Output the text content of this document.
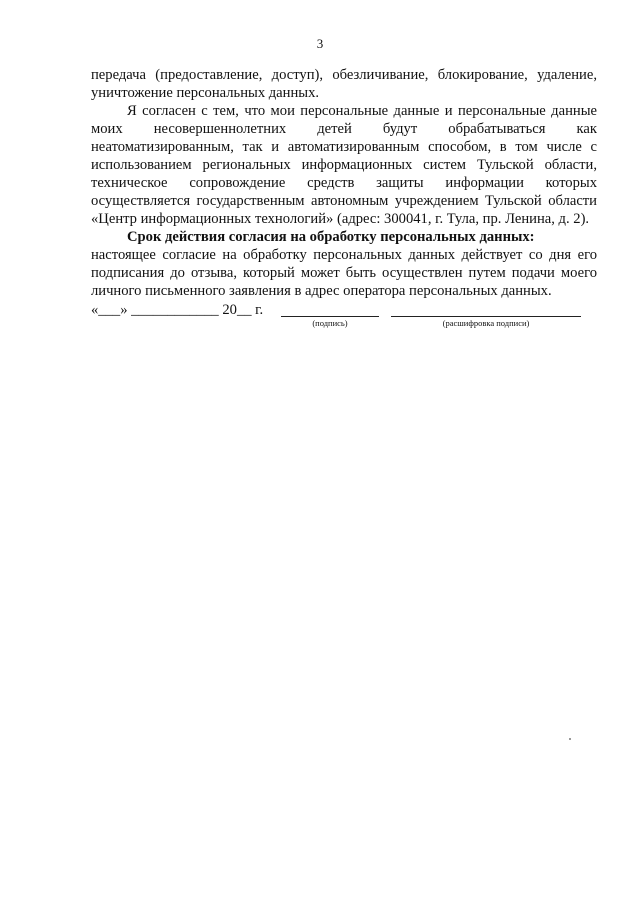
3

передача (предоставление, доступ), обезличивание, блокирование, удаление, уничтожение персональных данных.

Я согласен с тем, что мои персональные данные и персональные данные моих несовершеннолетних детей будут обрабатываться как неатоматизированным, так и автоматизированным способом, в том числе с использованием региональных информационных систем Тульской области, техническое сопровождение средств защиты информации которых осуществляется государственным автономным учреждением Тульской области «Центр информационных технологий» (адрес: 300041, г. Тула, пр. Ленина, д. 2).

Срок действия согласия на обработку персональных данных:

настоящее согласие на обработку персональных данных действует со дня его подписания до отзыва, который может быть осуществлен путем подачи моего личного письменного заявления в адрес оператора персональных данных.

«___» ____________ 20__ г.
(подпись)	(расшифровка подписи)
